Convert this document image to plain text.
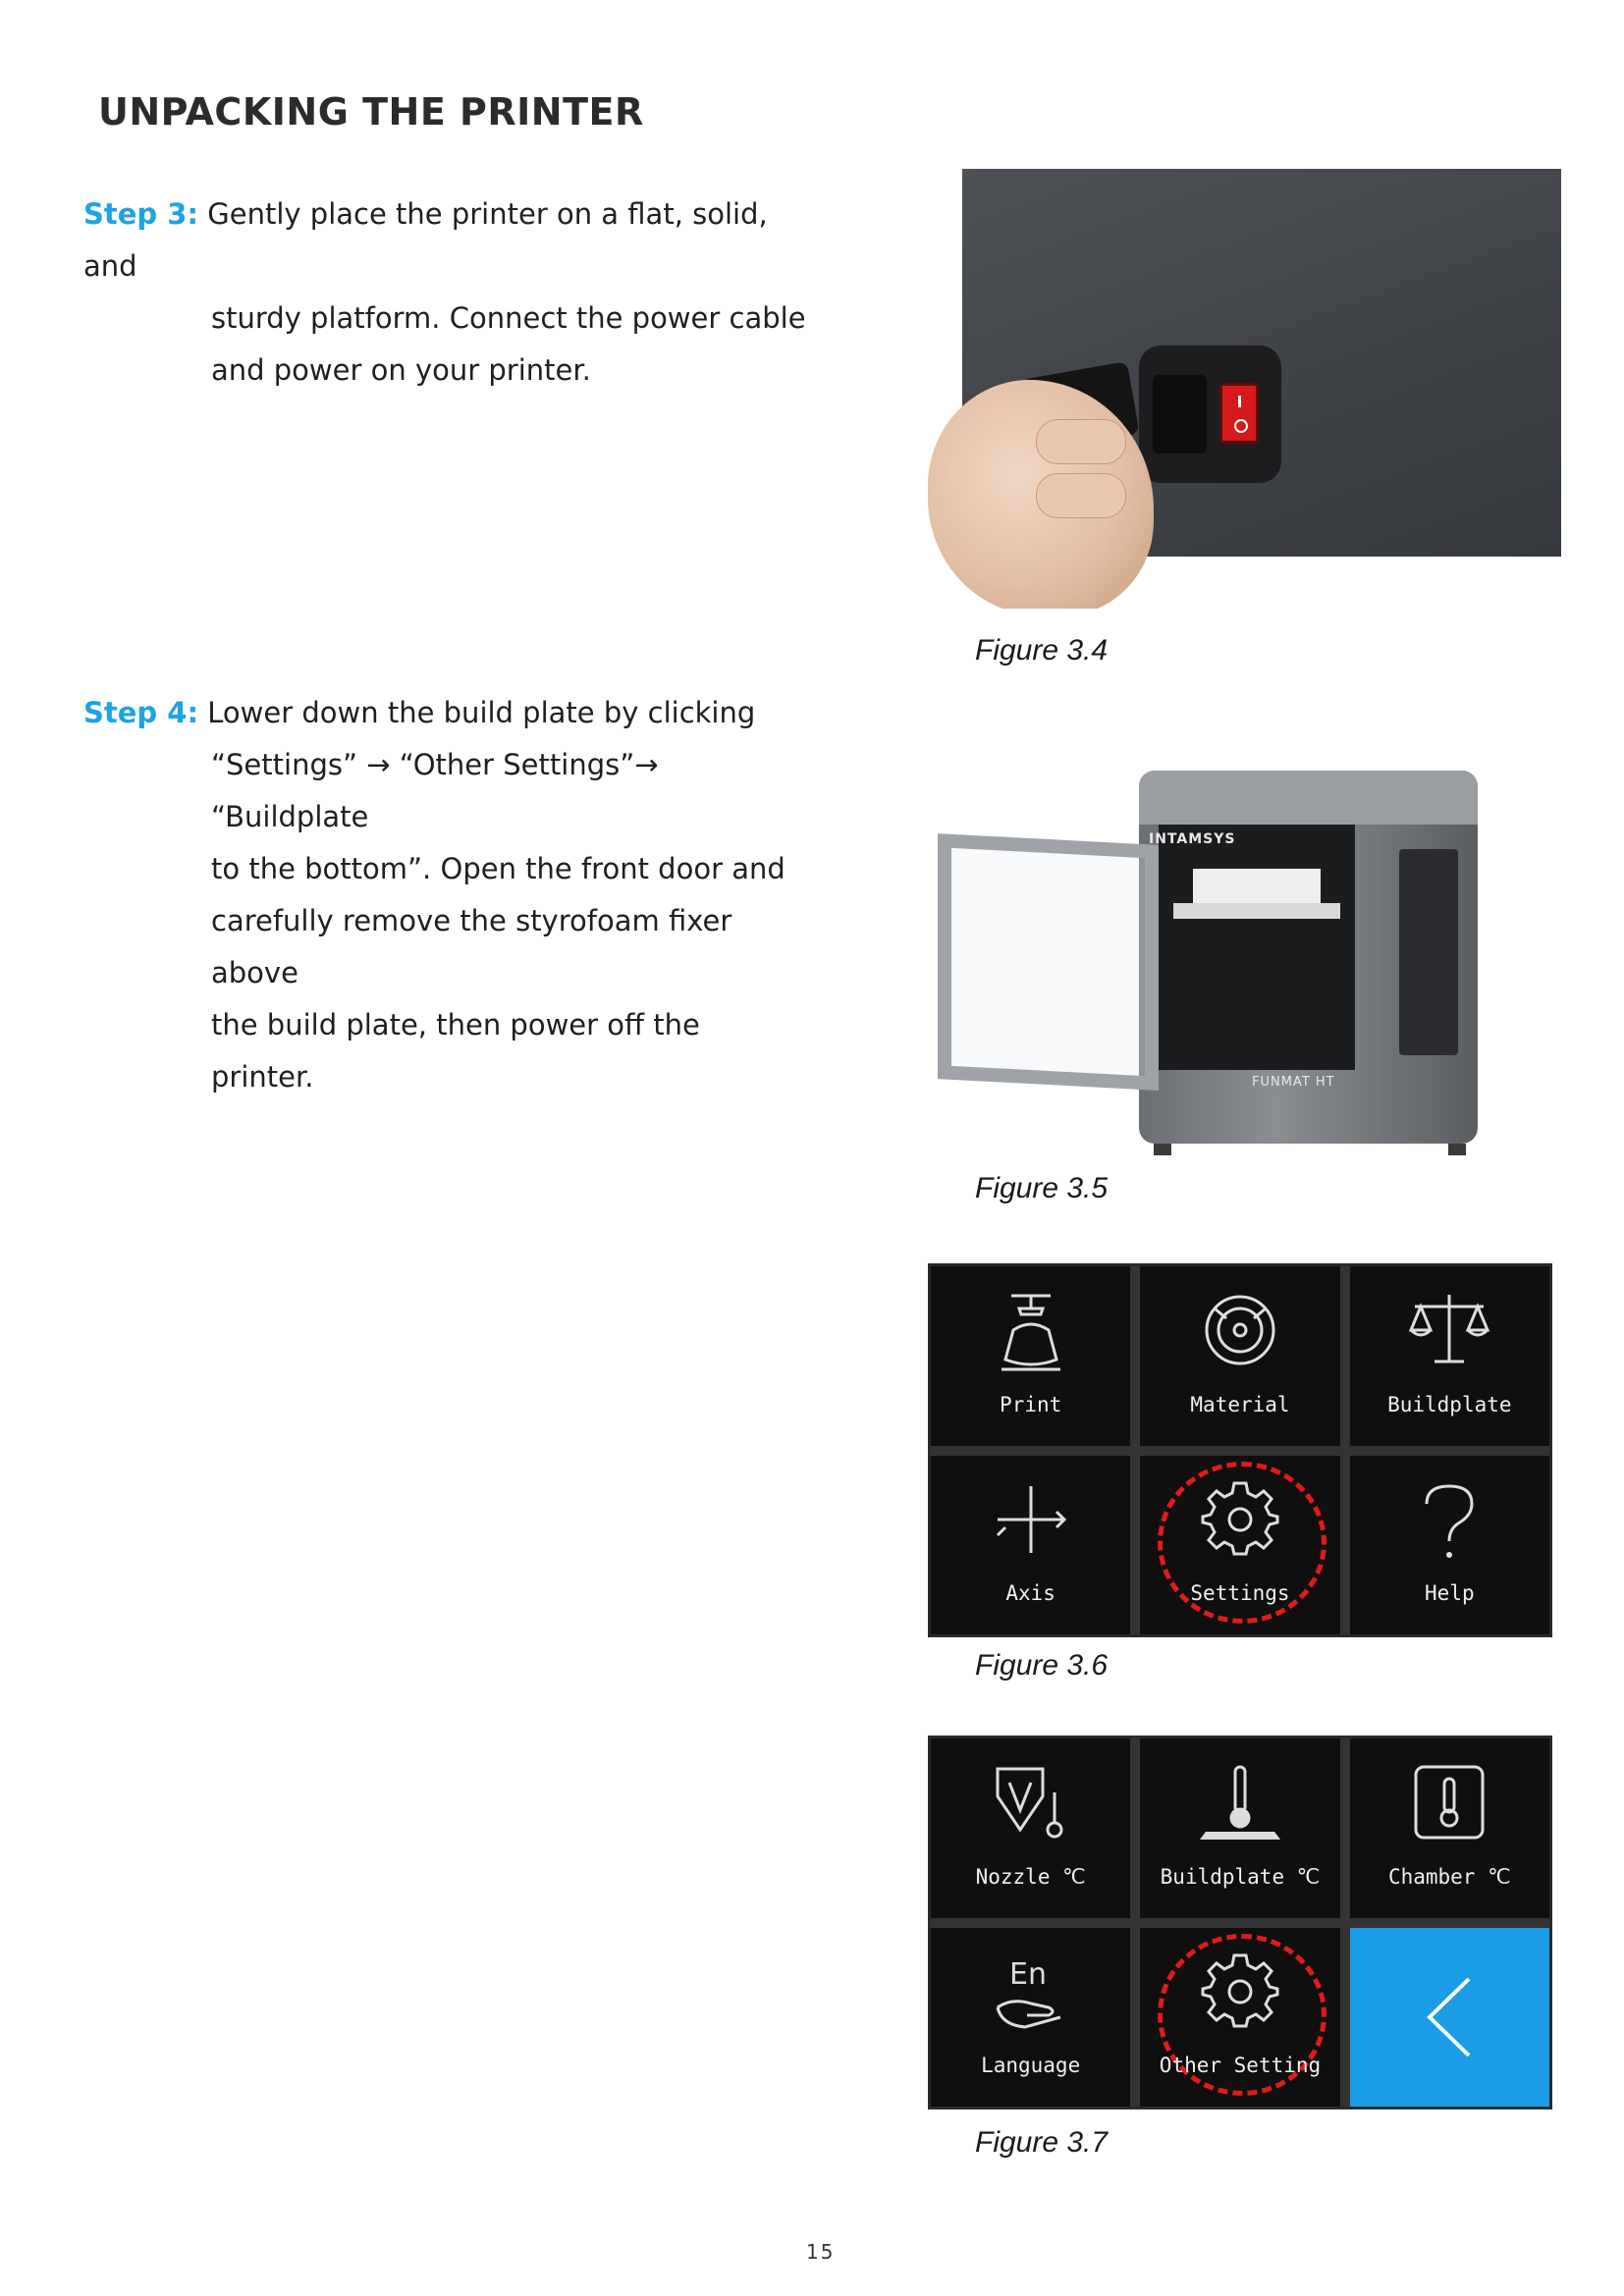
UNPACKING THE PRINTER
Step 3: Gently place the printer on a flat, solid, and
sturdy platform. Connect the power cable
and power on your printer.
Step 4: Lower down the build plate by clicking
“Settings” → “Other Settings”→ “Buildplate
to the bottom”. Open the front door and
carefully remove the styrofoam fixer above
the build plate, then power off the printer.
Figure 3.4
INTAMSYS
FUNMAT HT
Figure 3.5
Print	Material	Buildplate
Axis	Settings	Help
Figure 3.6
Nozzle ℃	Buildplate ℃	Chamber ℃
En
Language	Other Setting
Figure 3.7
15
